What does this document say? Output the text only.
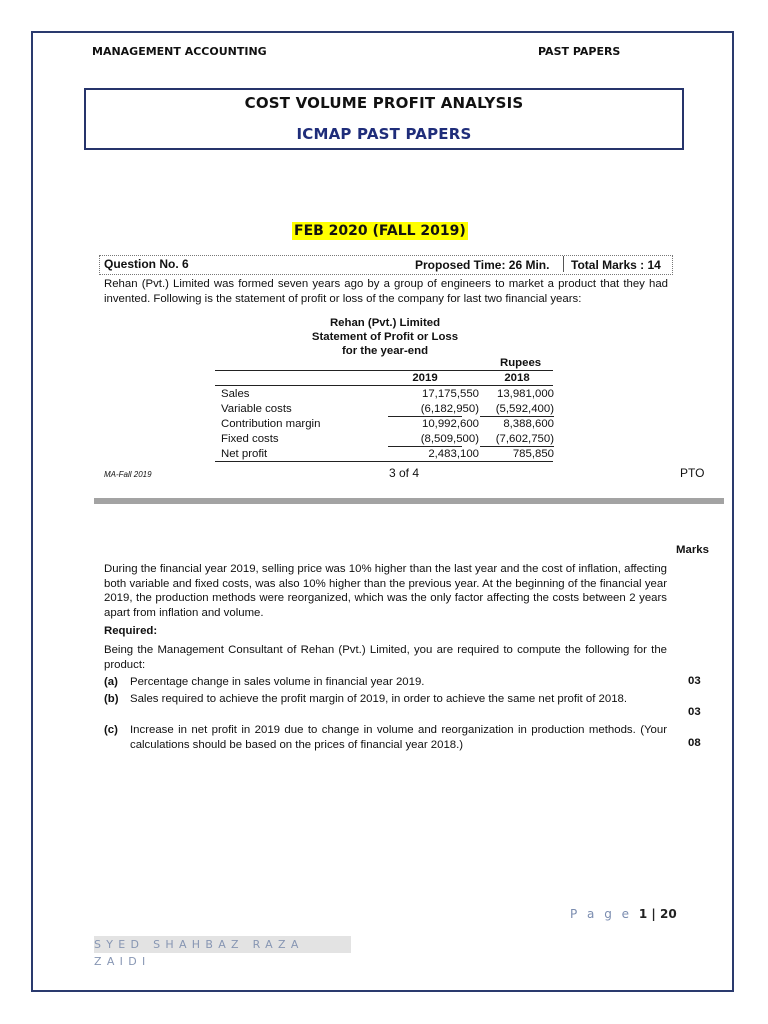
MANAGEMENT ACCOUNTING	PAST PAPERS
COST VOLUME PROFIT ANALYSIS
ICMAP PAST PAPERS
FEB 2020 (FALL 2019)
Question No. 6	Proposed Time: 26 Min. Total Marks : 14
Rehan (Pvt.) Limited was formed seven years ago by a group of engineers to market a product that they had invented. Following is the statement of profit or loss of the company for last two financial years:
Rehan (Pvt.) Limited
Statement of Profit or Loss
for the year-end
Rupees
2019	2018
Sales	17,175,550 13,981,000
Variable costs	(6,182,950) (5,592,400)
Contribution margin	10,992,600 8,388,600
Fixed costs	(8,509,500) (7,602,750)
Net profit	2,483,100	785,850
MA-Fall 2019	3 of 4	PTO
Marks
During the financial year 2019, selling price was 10% higher than the last year and the cost of inflation, affecting both variable and fixed costs, was also 10% higher than the previous year. At the beginning of the financial year 2019, the production methods were reorganized, which was the only factor affecting the costs between 2 years apart from inflation and volume.
Required:
Being the Management Consultant of Rehan (Pvt.) Limited, you are required to compute the following for the product:
(a) Percentage change in sales volume in financial year 2019.	03
(b) Sales required to achieve the profit margin of 2019, in order to achieve the same net profit of 2018.
03
(c) Increase in net profit in 2019 due to change in volume and reorganization in production methods. (Your calculations should be based on the prices of financial year 2018.)	08
P a g e 1 | 20
SYED SHAHBAZ RAZA ZAIDI
